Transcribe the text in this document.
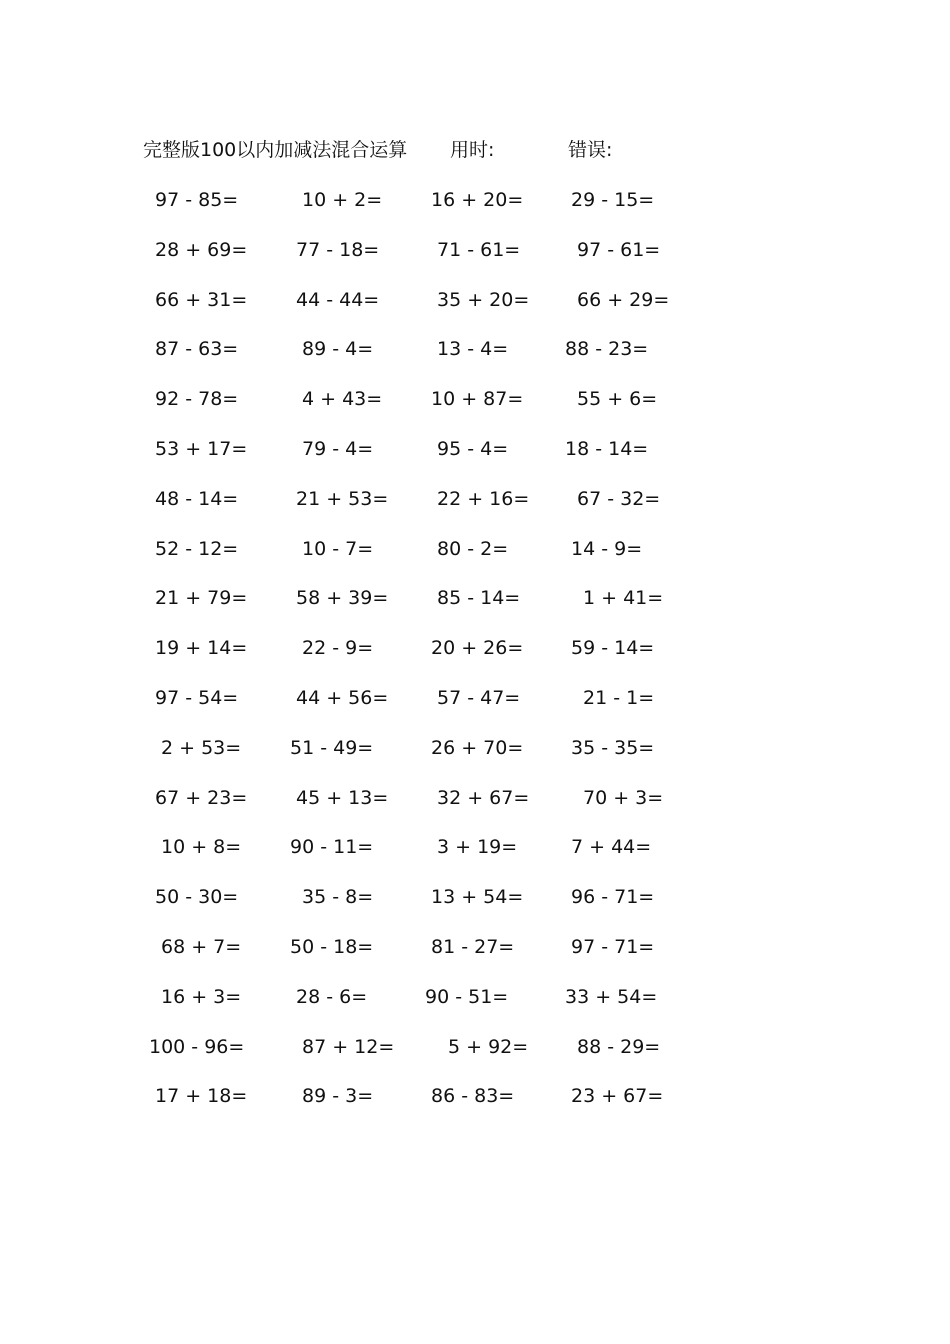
完整版100以内加减法混合运算 用时:	错误:
97 - 85=	10 + 2=	16 + 20=	29 - 15=
28 + 69=	77 - 18=	71 - 61=	97 - 61=
66 + 31=	44 - 44=	35 + 20=	66 + 29=
87 - 63=	89 - 4=	13 - 4=	88 - 23=
92 - 78=	4 + 43=	10 + 87=	55 + 6=
53 + 17=	79 - 4=	95 - 4=	18 - 14=
48 - 14=	21 + 53=	22 + 16=	67 - 32=
52 - 12=	10 - 7=	80 - 2=	14 - 9=
21 + 79=	58 + 39=	85 - 14=	1 + 41=
19 + 14=	22 - 9=	20 + 26=	59 - 14=
97 - 54=	44 + 56=	57 - 47=	21 - 1=
2 + 53=	51 - 49=	26 + 70=	35 - 35=
67 + 23=	45 + 13=	32 + 67=	70 + 3=
10 + 8=	90 - 11=	3 + 19=	7 + 44=
50 - 30=	35 - 8=	13 + 54=	96 - 71=
68 + 7=	50 - 18=	81 - 27=	97 - 71=
16 + 3=	28 - 6=	90 - 51=	33 + 54=
100 - 96=	87 + 12=	5 + 92=	88 - 29=
17 + 18=	89 - 3=	86 - 83=	23 + 67=
